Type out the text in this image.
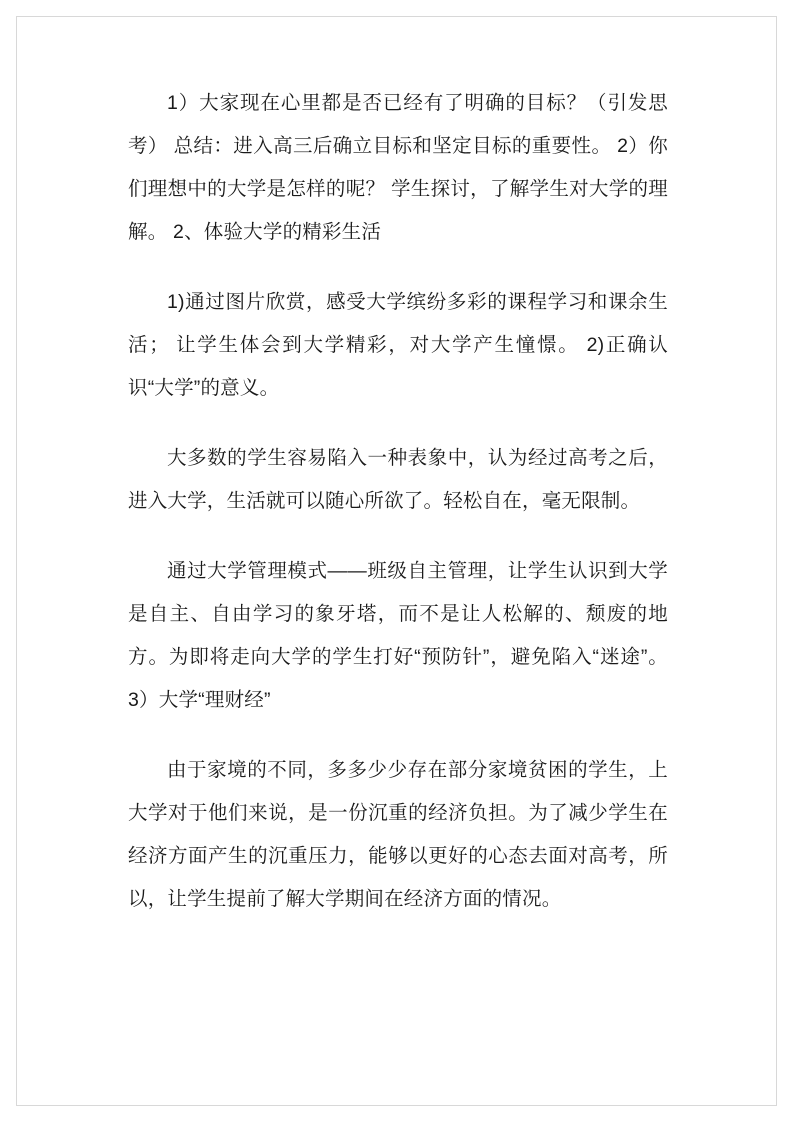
1）大家现在心里都是否已经有了明确的目标？（引发思考） 总结：进入高三后确立目标和坚定目标的重要性。 2）你们理想中的大学是怎样的呢？ 学生探讨，了解学生对大学的理解。 2、体验大学的精彩生活

1)通过图片欣赏，感受大学缤纷多彩的课程学习和课余生活； 让学生体会到大学精彩，对大学产生憧憬。 2)正确认识“大学”的意义。

大多数的学生容易陷入一种表象中，认为经过高考之后，进入大学，生活就可以随心所欲了。轻松自在，毫无限制。

通过大学管理模式——班级自主管理，让学生认识到大学是自主、自由学习的象牙塔，而不是让人松解的、颓废的地方。为即将走向大学的学生打好“预防针”，避免陷入“迷途”。 3）大学“理财经”

由于家境的不同，多多少少存在部分家境贫困的学生，上大学对于他们来说，是一份沉重的经济负担。为了减少学生在经济方面产生的沉重压力，能够以更好的心态去面对高考，所以，让学生提前了解大学期间在经济方面的情况。
